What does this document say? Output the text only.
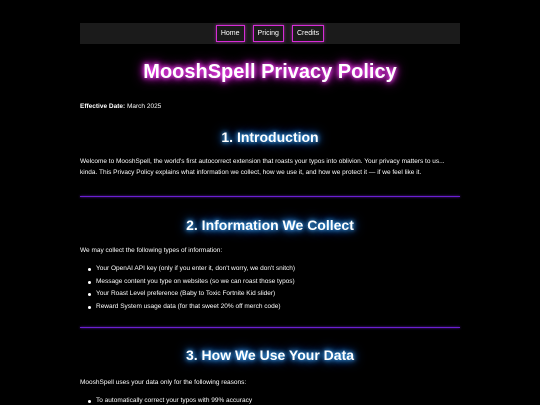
Home	Pricing	Credits
MooshSpell Privacy Policy
Effective Date: March 2025
1. Introduction

Welcome to MooshSpell, the world's first autocorrect extension that roasts your typos into oblivion. Your privacy matters to us... kinda. This Privacy Policy explains what information we collect, how we use it, and how we protect it — if we feel like it.

2. Information We Collect

We may collect the following types of information:

Your OpenAI API key (only if you enter it, don't worry, we don't snitch)
Message content you type on websites (so we can roast those typos)
Your Roast Level preference (Baby to Toxic Fortnite Kid slider)
Reward System usage data (for that sweet 20% off merch code)
3. How We Use Your Data

MooshSpell uses your data only for the following reasons:

To automatically correct your typos with 99% accuracy
